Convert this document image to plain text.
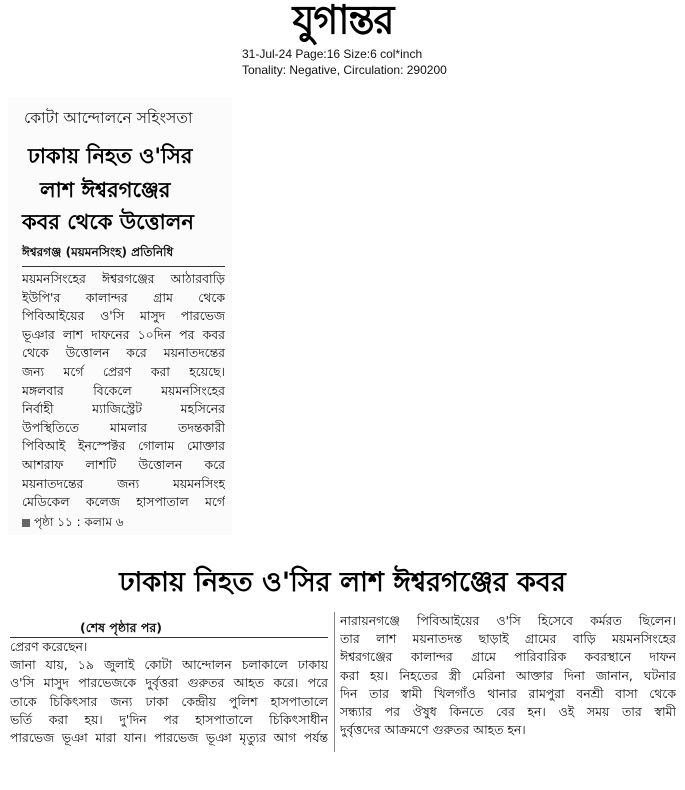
যুগান্তর
31-Jul-24 Page:16 Size:6 col*inch
Tonality: Negative, Circulation: 290200
কোটা আন্দোলনে সহিংসতা
ঢাকায় নিহত ও'সির
লাশ ঈশ্বরগঞ্জের
কবর থেকে উত্তোলন
ঈশ্বরগঞ্জ (ময়মনসিংহ) প্রতিনিধি
ময়মনসিংহের ঈশ্বরগঞ্জের আঠারবাড়ি
ইউপি'র কালান্দর গ্রাম থেকে
পিবিআইয়ের ও'সি মাসুদ পারভেজ
ভূঞার লাশ দাফনের ১০দিন পর কবর
থেকে উত্তোলন করে ময়নাতদন্তের
জন্য মর্গে প্রেরণ করা হয়েছে।
মঙ্গলবার বিকেলে ময়মনসিংহের
নির্বাহী ম্যাজিস্ট্রেট মহসিনের
উপস্থিতিতে মামলার তদন্তকারী
পিবিআই ইনস্পেক্টর গোলাম মোক্তার
আশরাফ লাশটি উত্তোলন করে
ময়নাতদন্তের জন্য ময়মনসিংহ
মেডিকেল কলেজ হাসপাতাল মর্গে
পৃষ্ঠা ১১ : কলাম ৬
ঢাকায় নিহত ও'সির লাশ ঈশ্বরগঞ্জের কবর
(শেষ পৃষ্ঠার পর)
প্রেরণ করেছেন।
জানা যায়, ১৯ জুলাই কোটা আন্দোলন চলাকালে ঢাকায়
ও'সি মাসুদ পারভেজকে দুর্বৃত্তরা গুরুতর আহত করে। পরে
তাকে চিকিৎসার জন্য ঢাকা কেন্দ্রীয় পুলিশ হাসপাতালে
ভর্তি করা হয়। দু'দিন পর হাসপাতালে চিকিৎসাধীন
পারভেজ ভূঞা মারা যান। পারভেজ ভূঞা মৃত্যুর আগ পর্যন্ত
নারায়নগঞ্জে পিবিআইয়ের ও'সি হিসেবে কর্মরত ছিলেন।
তার লাশ ময়নাতদন্ত ছাড়াই গ্রামের বাড়ি ময়মনসিংহের
ঈশ্বরগঞ্জের কালান্দর গ্রামে পারিবারিক কবরস্থানে দাফন
করা হয়। নিহতের স্ত্রী মেরিনা আক্তার দিনা জানান, ঘটনার
দিন তার স্বামী খিলগাঁও থানার রামপুরা বনশ্রী বাসা থেকে
সন্ধ্যার পর ঔষুধ কিনতে বের হন। ওই সময় তার স্বামী
দুর্বৃত্তদের আক্রমণে গুরুতর আহত হন।
